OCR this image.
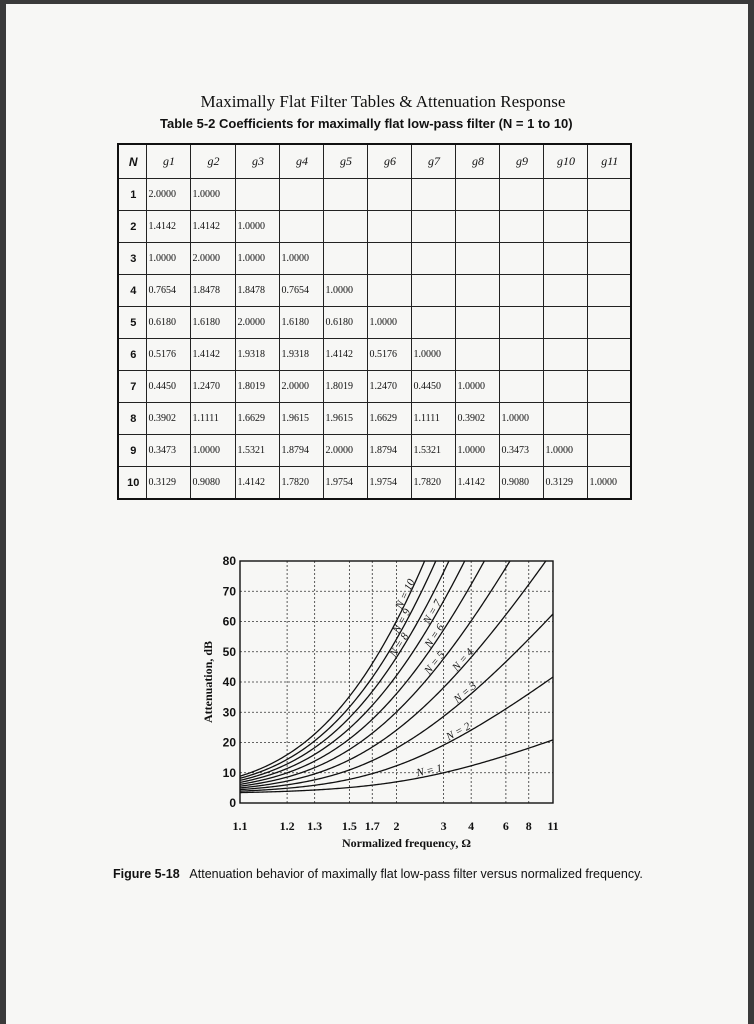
Maximally Flat Filter Tables & Attenuation Response
Table 5-2 Coefficients for maximally flat low-pass filter (N = 1 to 10)
N	g1	g2	g3	g4	g5	g6	g7	g8	g9	g10	g11
1	2.0000	1.0000									
2	1.4142	1.4142	1.0000								
3	1.0000	2.0000	1.0000	1.0000							
4	0.7654	1.8478	1.8478	0.7654	1.0000						
5	0.6180	1.6180	2.0000	1.6180	0.6180	1.0000					
6	0.5176	1.4142	1.9318	1.9318	1.4142	0.5176	1.0000				
7	0.4450	1.2470	1.8019	2.0000	1.8019	1.2470	0.4450	1.0000			
8	0.3902	1.1111	1.6629	1.9615	1.9615	1.6629	1.1111	0.3902	1.0000		
9	0.3473	1.0000	1.5321	1.8794	2.0000	1.8794	1.5321	1.0000	0.3473	1.0000	
10	0.3129	0.9080	1.4142	1.7820	1.9754	1.9754	1.7820	1.4142	0.9080	0.3129	1.0000
N = 1
N = 2
N = 3
N = 4
N = 5
N = 6
N = 7
N = 8
N = 9
N = 10
0
10
20
30
40
50
60
70
80
1.1	1.2 1.3 1.5 1.7 2	3 4 6 8 11
Normalized frequency, Ω
Attenuation, dB
Figure 5-18 Attenuation behavior of maximally flat low-pass filter versus normalized frequency.
